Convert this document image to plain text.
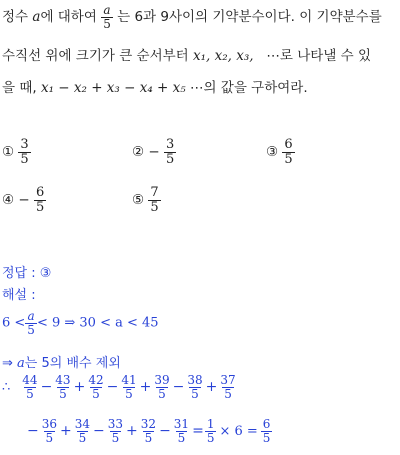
정수 a에 대하여 $\frac{a}{5}$ 는 6과 9사이의 기약분수이다. 이 기약분수를
수직선 위에 크기가 큰 순서부터 x₁, x₂, x₃, ⋯로 나타낼 수 있
을 때, x₁ − x₂ + x₃ − x₄ + x₅ ⋯의 값을 구하여라.
① $\frac{3}{5}$	② − $\frac{3}{5}$	③ $\frac{6}{5}$
④ − $\frac{6}{5}$	⑤ $\frac{7}{5}$
정답 : ③
해설 :
$6 < \frac{a}{5} < 9$ ⇒ 30 < a < 45
⇒ a는 5의 배수 제외
∴ $\frac{44}{5} - \frac{43}{5} + \frac{42}{5} - \frac{41}{5} + \frac{39}{5} - \frac{38}{5} + \frac{37}{5}$
− $\frac{36}{5} + \frac{34}{5} - \frac{33}{5} + \frac{32}{5} - \frac{31}{5} = \frac{1}{5} \times 6 = \frac{6}{5}$
